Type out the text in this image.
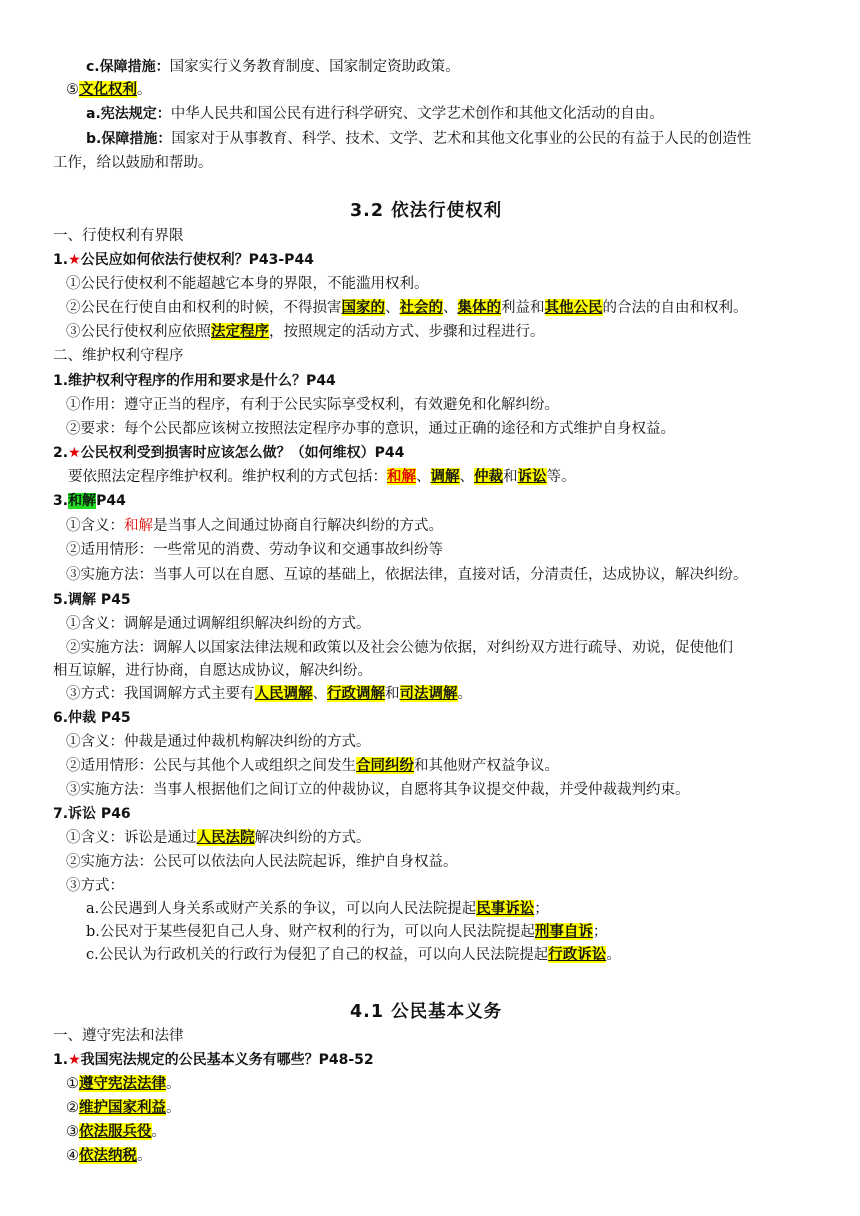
c.保障措施：国家实行义务教育制度、国家制定资助政策。
⑤文化权利。
a.宪法规定：中华人民共和国公民有进行科学研究、文学艺术创作和其他文化活动的自由。
b.保障措施：国家对于从事教育、科学、技术、文学、艺术和其他文化事业的公民的有益于人民的创造性
工作，给以鼓励和帮助。
3.2 依法行使权利
一、行使权利有界限
1.★公民应如何依法行使权利？P43-P44
①公民行使权利不能超越它本身的界限，不能滥用权利。
②公民在行使自由和权利的时候，不得损害国家的、社会的、集体的利益和其他公民的合法的自由和权利。
③公民行使权利应依照法定程序，按照规定的活动方式、步骤和过程进行。
二、维护权利守程序
1.维护权利守程序的作用和要求是什么？P44
①作用：遵守正当的程序，有利于公民实际享受权利，有效避免和化解纠纷。
②要求：每个公民都应该树立按照法定程序办事的意识，通过正确的途径和方式维护自身权益。
2.★公民权利受到损害时应该怎么做？（如何维权）P44
要依照法定程序维护权利。维护权利的方式包括：和解、调解、仲裁和诉讼等。
3.和解P44
①含义：和解是当事人之间通过协商自行解决纠纷的方式。
②适用情形：一些常见的消费、劳动争议和交通事故纠纷等
③实施方法：当事人可以在自愿、互谅的基础上，依据法律，直接对话，分清责任，达成协议，解决纠纷。
5.调解 P45
①含义：调解是通过调解组织解决纠纷的方式。
②实施方法：调解人以国家法律法规和政策以及社会公德为依据，对纠纷双方进行疏导、劝说，促使他们
相互谅解，进行协商，自愿达成协议，解决纠纷。
③方式：我国调解方式主要有人民调解、行政调解和司法调解。
6.仲裁 P45
①含义：仲裁是通过仲裁机构解决纠纷的方式。
②适用情形：公民与其他个人或组织之间发生合同纠纷和其他财产权益争议。
③实施方法：当事人根据他们之间订立的仲裁协议，自愿将其争议提交仲裁，并受仲裁裁判约束。
7.诉讼 P46
①含义：诉讼是通过人民法院解决纠纷的方式。
②实施方法：公民可以依法向人民法院起诉，维护自身权益。
③方式：
a.公民遇到人身关系或财产关系的争议，可以向人民法院提起民事诉讼；
b.公民对于某些侵犯自己人身、财产权利的行为，可以向人民法院提起刑事自诉；
c.公民认为行政机关的行政行为侵犯了自己的权益，可以向人民法院提起行政诉讼。
4.1 公民基本义务
一、遵守宪法和法律
1.★我国宪法规定的公民基本义务有哪些？P48-52
①遵守宪法法律。
②维护国家利益。
③依法服兵役。
④依法纳税。
